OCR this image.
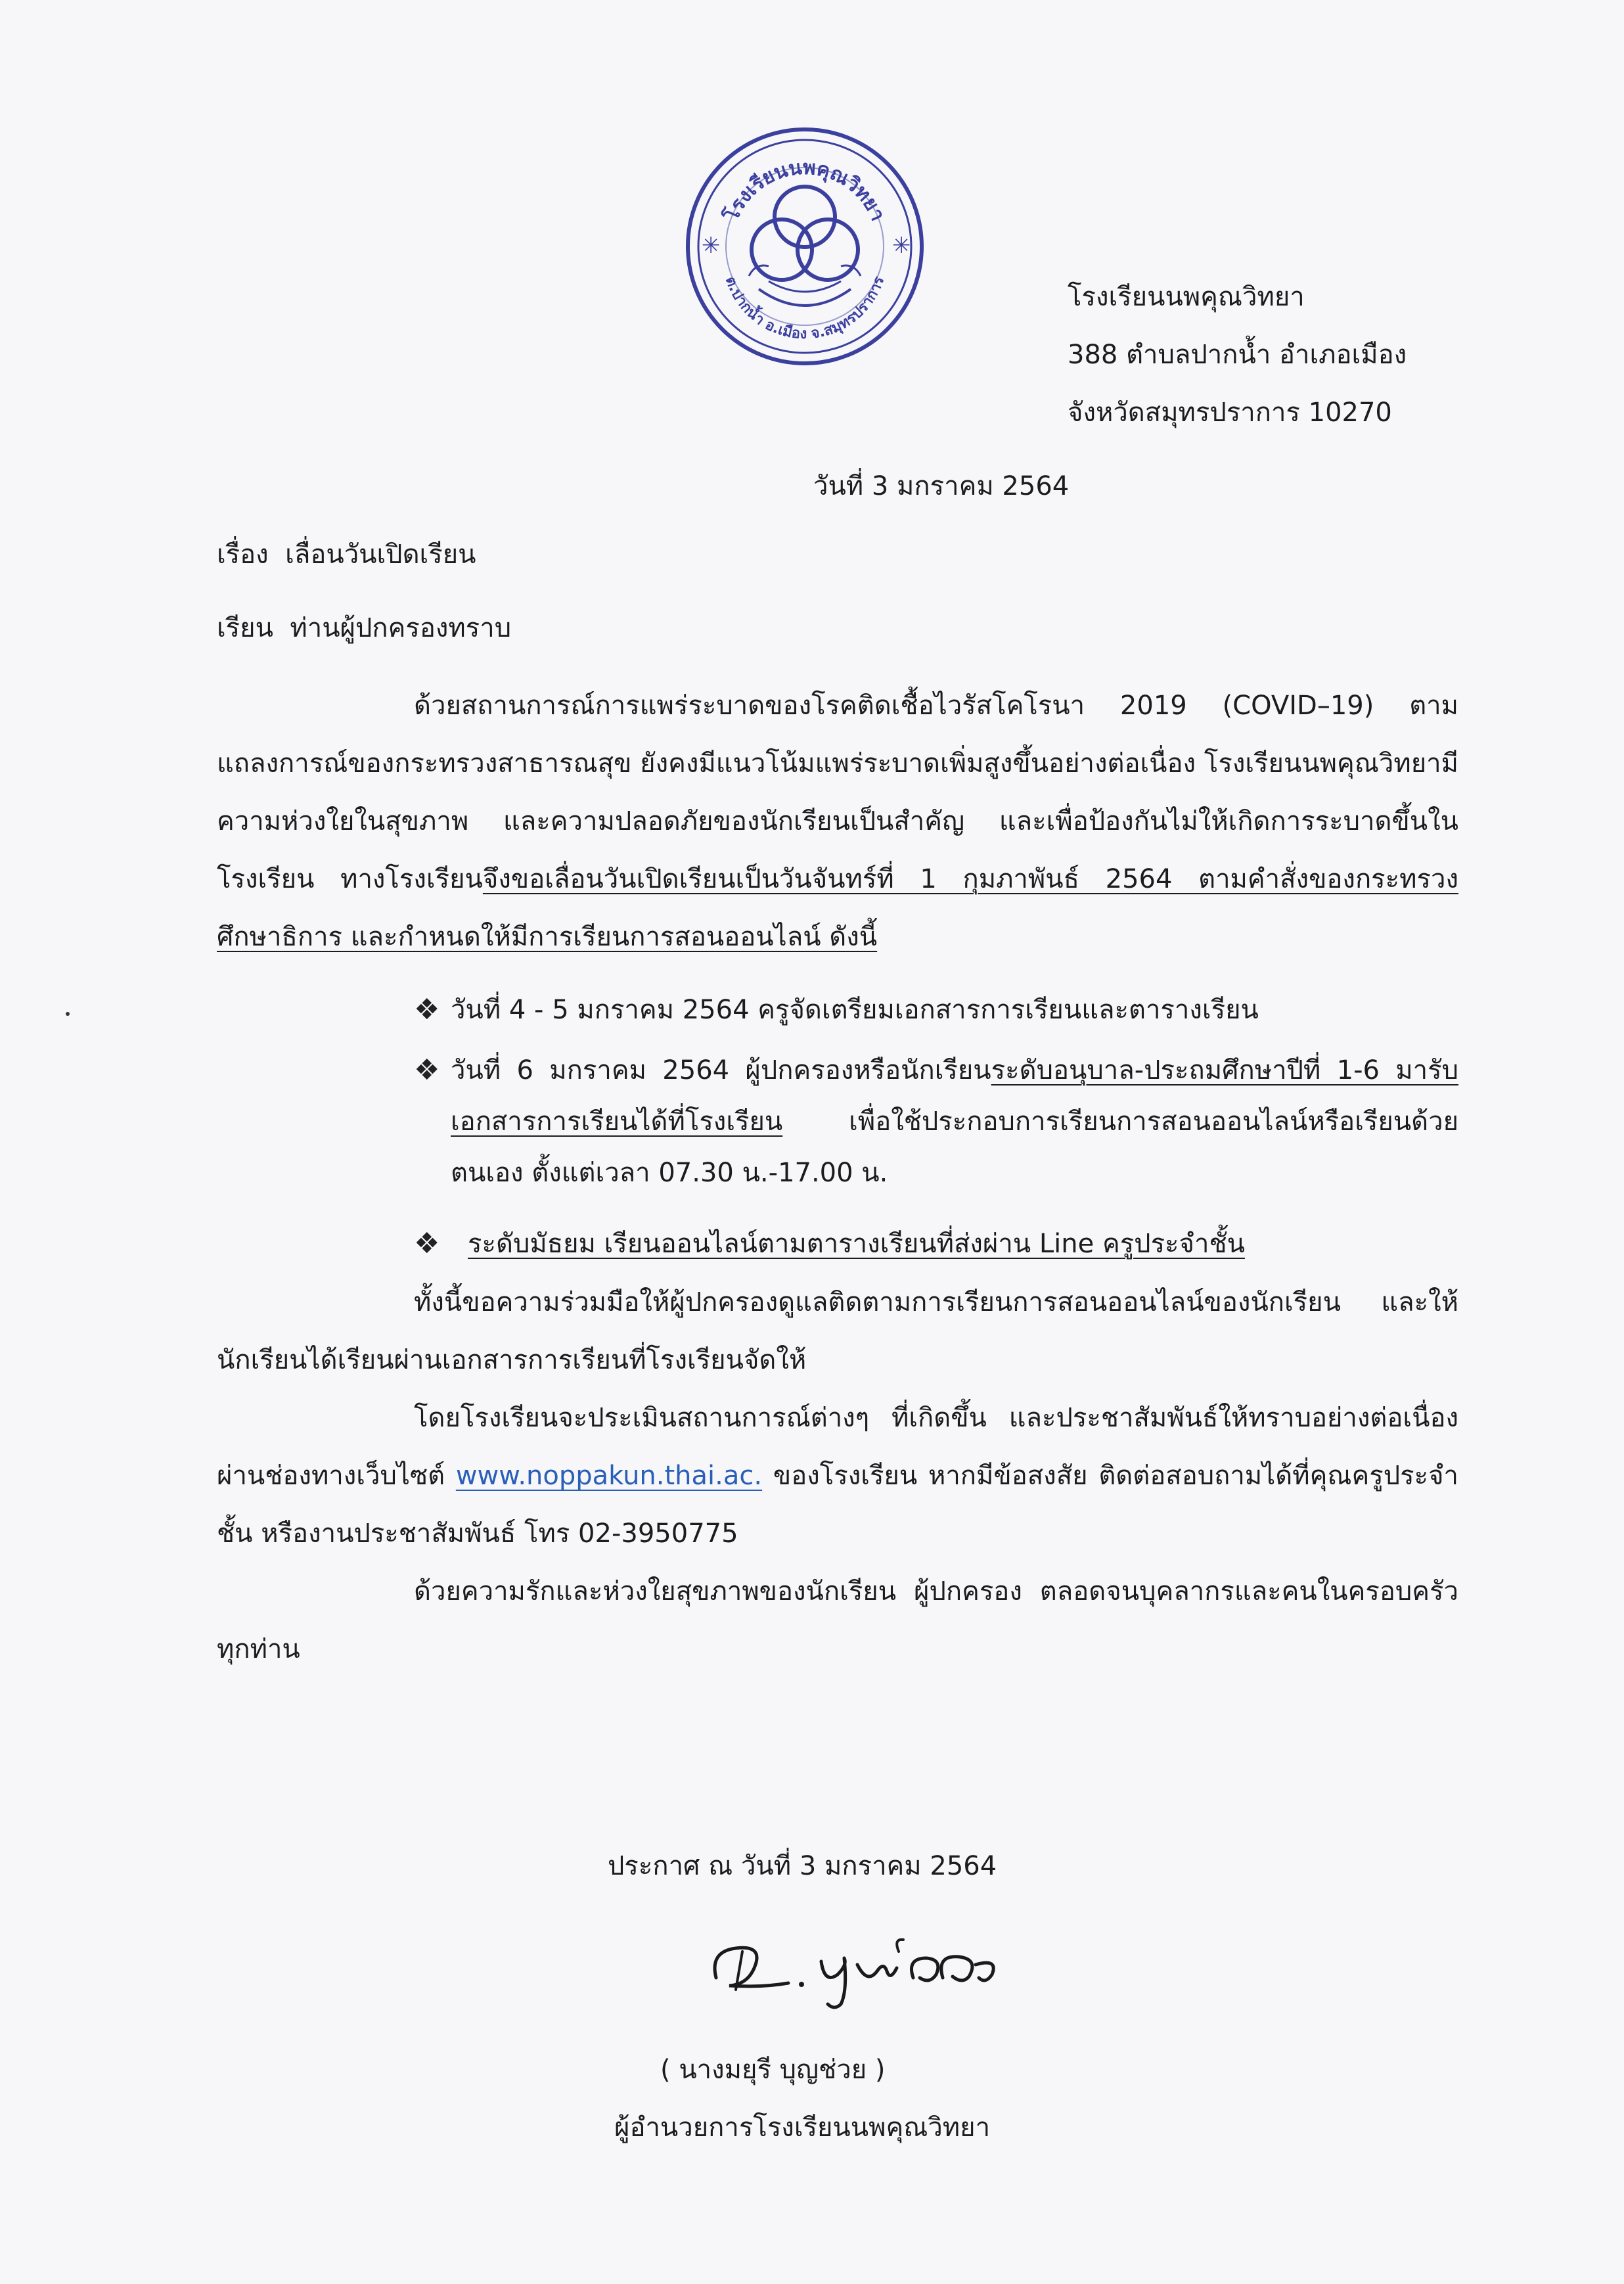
โรงเรียนนพคุณวิทยา
ต.ปากน้ำ อ.เมือง จ.สมุทรปราการ
✳	✳
โรงเรียนนพคุณวิทยา
388 ตำบลปากน้ำ อำเภอเมือง
จังหวัดสมุทรปราการ 10270
วันที่ 3 มกราคม 2564
เรื่อง เลื่อนวันเปิดเรียน
เรียน ท่านผู้ปกครองทราบ
ด้วยสถานการณ์การแพร่ระบาดของโรคติดเชื้อไวรัสโคโรนา 2019 (COVID–19) ตามแถลงการณ์ของกระทรวงสาธารณสุข ยังคงมีแนวโน้มแพร่ระบาดเพิ่มสูงขึ้นอย่างต่อเนื่อง โรงเรียนนพคุณวิทยามีความห่วงใยในสุขภาพ และความปลอดภัยของนักเรียนเป็นสำคัญ และเพื่อป้องกันไม่ให้เกิดการระบาดขึ้นในโรงเรียน ทางโรงเรียนจึงขอเลื่อนวันเปิดเรียนเป็นวันจันทร์ที่ 1 กุมภาพันธ์ 2564 ตามคำสั่งของกระทรวงศึกษาธิการ และกำหนดให้มีการเรียนการสอนออนไลน์ ดังนี้
❖ วันที่ 4 - 5 มกราคม 2564 ครูจัดเตรียมเอกสารการเรียนและตารางเรียน
❖ วันที่ 6 มกราคม 2564 ผู้ปกครองหรือนักเรียนระดับอนุบาล-ประถมศึกษาปีที่ 1-6 มารับเอกสารการเรียนได้ที่โรงเรียน เพื่อใช้ประกอบการเรียนการสอนออนไลน์หรือเรียนด้วยตนเอง ตั้งแต่เวลา 07.30 น.-17.00 น.
❖	ระดับมัธยม เรียนออนไลน์ตามตารางเรียนที่ส่งผ่าน Line ครูประจำชั้น
ทั้งนี้ขอความร่วมมือให้ผู้ปกครองดูแลติดตามการเรียนการสอนออนไลน์ของนักเรียน และให้นักเรียนได้เรียนผ่านเอกสารการเรียนที่โรงเรียนจัดให้
โดยโรงเรียนจะประเมินสถานการณ์ต่างๆ ที่เกิดขึ้น และประชาสัมพันธ์ให้ทราบอย่างต่อเนื่อง ผ่านช่องทางเว็บไซต์ www.noppakun.thai.ac. ของโรงเรียน หากมีข้อสงสัย ติดต่อสอบถามได้ที่คุณครูประจำชั้น หรืองานประชาสัมพันธ์ โทร 02-3950775
ด้วยความรักและห่วงใยสุขภาพของนักเรียน ผู้ปกครอง ตลอดจนบุคลากรและคนในครอบครัวทุกท่าน
ประกาศ ณ วันที่ 3 มกราคม 2564
( นางมยุรี บุญช่วย )
ผู้อำนวยการโรงเรียนนพคุณวิทยา
